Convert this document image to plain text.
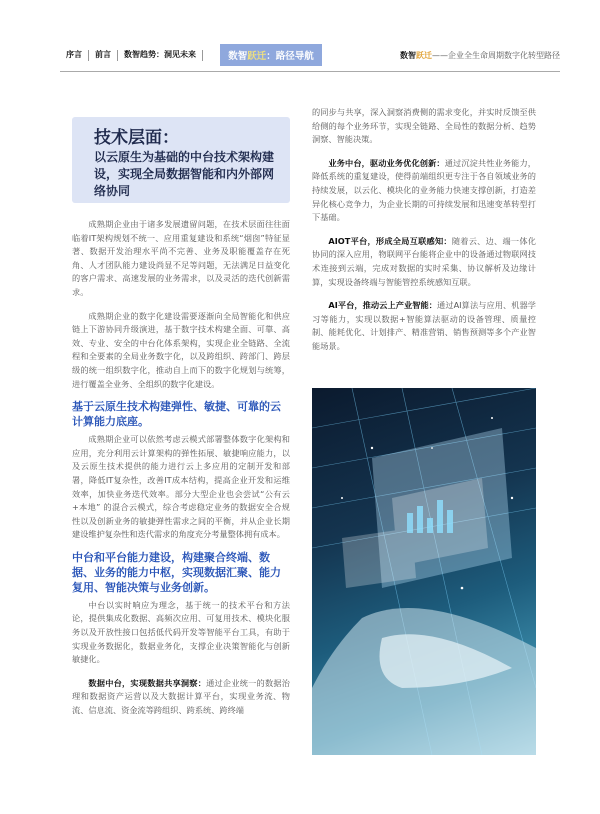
序言	前言	数智趋势：洞见未来	数智 跃迁 ：路径导航	数智跃迁——企业全生命周期数字化转型路径
技术层面：
以云原生为基础的中台技术架构建设，实现全局数据智能和内外部网络协同

成熟期企业由于诸多发展遗留问题，在技术层面往往面临着IT架构规划不统一、应用重复建设和系统“烟囱”特征显著、数据开发治理水平尚不完善、业务及职能覆盖存在死角、人才团队能力建设尚显不足等问题，无法满足日益变化的客户需求、高速发展的业务需求，以及灵活的迭代创新需求。

成熟期企业的数字化建设需要逐渐向全局智能化和供应链上下游协同升级演进，基于数字技术构建全面、可靠、高效、专业、安全的中台化体系架构，实现企业全链路、全流程和全要素的全局业务数字化，以及跨组织、跨部门、跨层级的统一组织数字化，推动自上而下的数字化规划与统筹，进行覆盖全业务、全组织的数字化建设。

基于云原生技术构建弹性、敏捷、可靠的云计算能力底座。

成熟期企业可以依然考虑云模式部署整体数字化架构和应用，充分利用云计算架构的弹性拓展、敏捷响应能力，以及云原生技术提供的能力进行云上多应用的定制开发和部署，降低IT复杂性，改善IT成本结构，提高企业开发和运维效率，加快业务迭代效率。部分大型企业也会尝试“公有云+本地” 的混合云模式，综合考虑稳定业务的数据安全合规性以及创新业务的敏捷弹性需求之间的平衡，并从企业长期建设维护复杂性和迭代需求的角度充分考量整体拥有成本。

中台和平台能力建设，构建聚合终端、数据、业务的能力中枢，实现数据汇聚、能力复用、智能决策与业务创新。

中台以实时响应为理念，基于统一的技术平台和方法论，提供集成化数据、高频次应用、可复用技术、模块化服务以及开放性接口包括低代码开发等智能平台工具，有助于实现业务数据化，数据业务化，支撑企业决策智能化与创新敏捷化。

数据中台，实现数据共享洞察：通过企业统一的数据治理和数据资产运营以及大数据计算平台，实现业务流、物流、信息流、资金流等跨组织、跨系统、跨终端

的同步与共享，深入洞察消费侧的需求变化，并实时反馈至供给侧的每个业务环节，实现全链路、全局性的数据分析、趋势洞察、智能决策。

业务中台，驱动业务优化创新：通过沉淀共性业务能力，降低系统的重复建设，使得前端组织更专注于各自领域业务的持续发展，以云化、模块化的业务能力快速支撑创新，打造差异化核心竞争力，为企业长期的可持续发展和迅速变革转型打下基础。

AIOT平台，形成全局互联感知：随着云、边、端一体化协同的深入应用，物联网平台能将企业中的设备通过物联网技术连接到云端，完成对数据的实时采集、协议解析及边缘计算，实现设备终端与智能管控系统感知互联。

AI平台，推动云上产业智能：通过AI算法与应用、机器学习等能力，实现以数据+智能算法驱动的设备管理、质量控制、能耗优化、计划排产、精准营销、销售预测等多个产业智能场景。
